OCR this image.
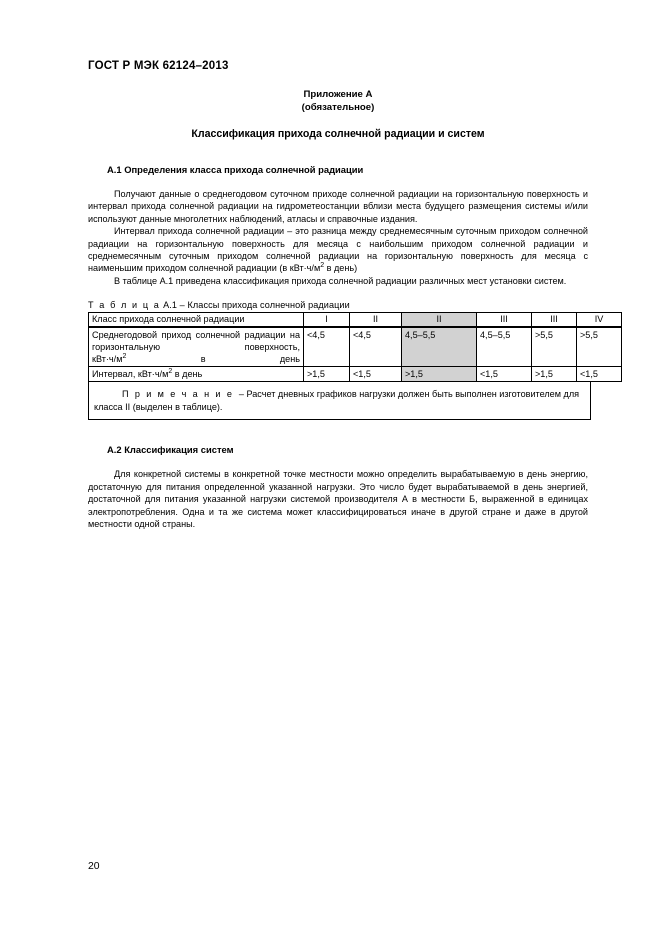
ГОСТ Р МЭК 62124–2013
Приложение А
(обязательное)
Классификация прихода солнечной радиации и систем
А.1 Определения класса прихода солнечной радиации

Получают данные о среднегодовом суточном приходе солнечной радиации на горизонтальную поверхность и интервал прихода солнечной радиации на гидрометеостанции вблизи места будущего размещения системы и/или используют данные многолетних наблюдений, атласы и справочные издания.

Интервал прихода солнечной радиации – это разница между среднемесячным суточным приходом солнечной радиации на горизонтальную поверхность для месяца с наибольшим приходом солнечной радиации и среднемесячным суточным приходом солнечной радиации на горизонтальную поверхность для месяца с наименьшим приходом солнечной радиации (в $кВт\cdot ч/м^2$ в день)

В таблице А.1 приведена классификация прихода солнечной радиации различных мест установки систем.

Т а б л и ц а А.1 – Классы прихода солнечной радиации
Класс прихода солнечной радиации	I	II	II	III	III	IV
Среднегодовой приход солнечной радиации на горизонтальную поверхность,
$кВт\cdot ч/м^2$ в день	<4,5	<4,5	4,5–5,5	4,5–5,5	>5,5	>5,5
Интервал, $кВт\cdot ч/м^2$ в день	>1,5	<1,5	>1,5	<1,5	>1,5	<1,5
П р и м е ч а н и е – Расчет дневных графиков нагрузки должен быть выполнен изготовителем для класса II (выделен в таблице).
А.2 Классификация систем

Для конкретной системы в конкретной точке местности можно определить вырабатываемую в день энергию, достаточную для питания определенной указанной нагрузки. Это число будет вырабатываемой в день энергией, достаточной для питания указанной нагрузки системой производителя А в местности Б, выраженной в единицах электропотребления. Одна и та же система может классифицироваться иначе в другой стране и даже в другой местности одной страны.

20
